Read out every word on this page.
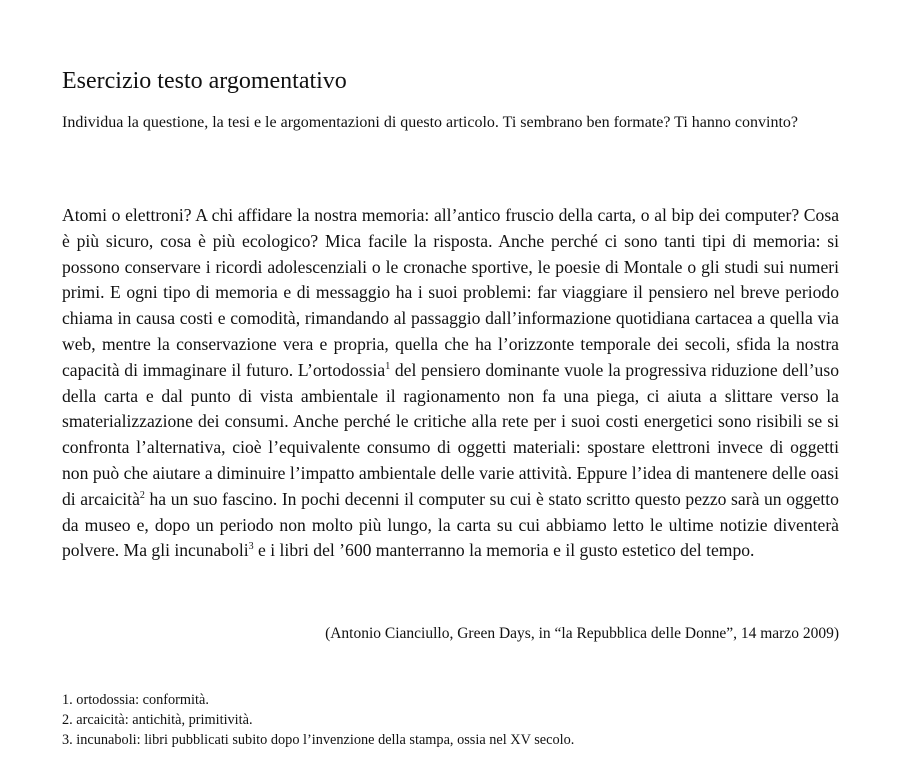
Esercizio testo argomentativo

Individua la questione, la tesi e le argomentazioni di questo articolo. Ti sembrano ben formate? Ti hanno convinto?

Atomi o elettroni? A chi affidare la nostra memoria: all’antico fruscio della carta, o al bip dei computer? Cosa è più sicuro, cosa è più ecologico? Mica facile la risposta. Anche perché ci sono tanti tipi di memoria: si possono conservare i ricordi adolescenziali o le cronache sportive, le poesie di Montale o gli studi sui numeri primi. E ogni tipo di memoria e di messaggio ha i suoi problemi: far viaggiare il pensiero nel breve periodo chiama in causa costi e comodità, rimandando al passaggio dall’informazione quotidiana cartacea a quella via web, mentre la conservazione vera e propria, quella che ha l’orizzonte temporale dei secoli, sfida la nostra capacità di immaginare il futuro. L’ortodossia$^1$ del pensiero dominante vuole la progressiva riduzione dell’uso della carta e dal punto di vista ambientale il ragionamento non fa una piega, ci aiuta a slittare verso la smaterializzazione dei consumi. Anche perché le critiche alla rete per i suoi costi energetici sono risibili se si confronta l’alternativa, cioè l’equivalente consumo di oggetti materiali: spostare elettroni invece di oggetti non può che aiutare a diminuire l’impatto ambientale delle varie attività. Eppure l’idea di mantenere delle oasi di arcaicità$^2$ ha un suo fascino. In pochi decenni il computer su cui è stato scritto questo pezzo sarà un oggetto da museo e, dopo un periodo non molto più lungo, la carta su cui abbiamo letto le ultime notizie diventerà polvere. Ma gli incunaboli$^3$ e i libri del ’600 manterranno la memoria e il gusto estetico del tempo.

(Antonio Cianciullo, Green Days, in “la Repubblica delle Donne”, 14 marzo 2009)

1. ortodossia: conformità.
2. arcaicità: antichità, primitività.
3. incunaboli: libri pubblicati subito dopo l’invenzione della stampa, ossia nel XV secolo.
